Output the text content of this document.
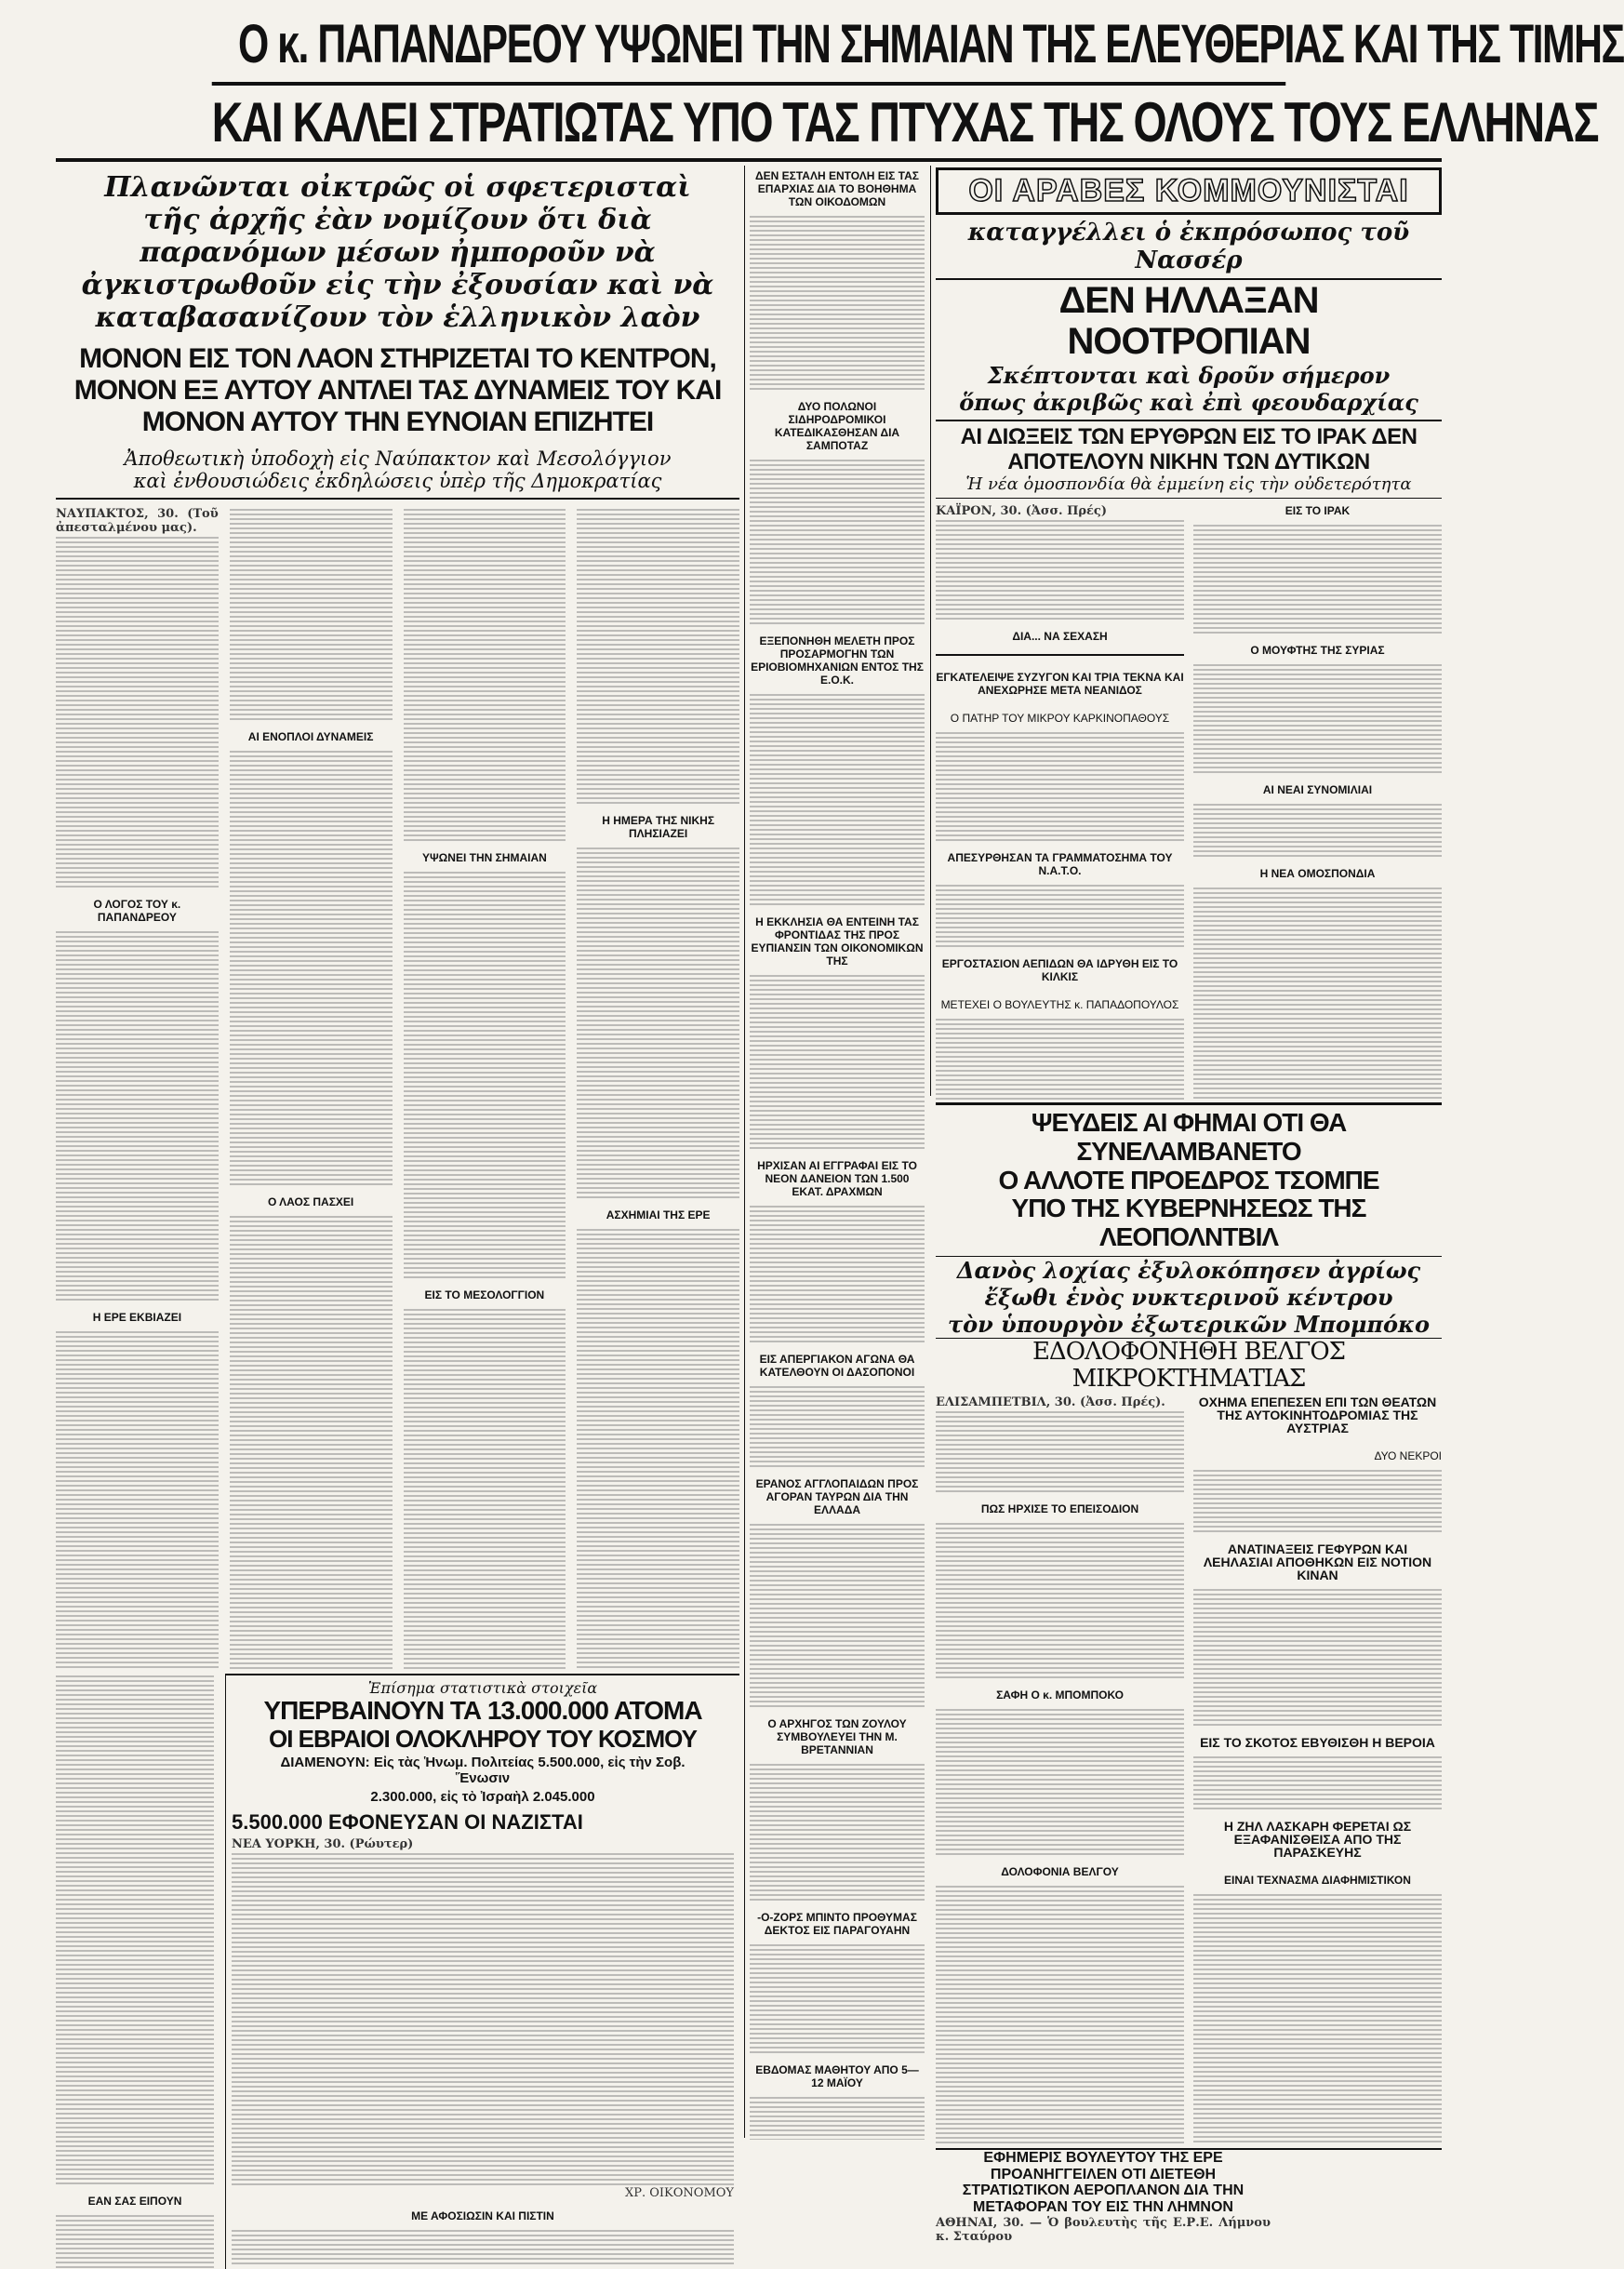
Ο κ. ΠΑΠΑΝΔΡΕΟΥ ΥΨΩΝΕΙ ΤΗΝ ΣΗΜΑΙΑΝ ΤΗΣ ΕΛΕΥΘΕΡΙΑΣ ΚΑΙ ΤΗΣ ΤΙΜΗΣ
ΚΑΙ ΚΑΛΕΙ ΣΤΡΑΤΙΩΤΑΣ ΥΠΟ ΤΑΣ ΠΤΥΧΑΣ ΤΗΣ ΟΛΟΥΣ ΤΟΥΣ ΕΛΛΗΝΑΣ
Πλανῶνται οἰκτρῶς οἱ σφετερισταὶ τῆς ἀρχῆς ἐὰν νομίζουν ὅτι διὰ παρανόμων μέσων ἠμποροῦν νὰ ἀγκιστρωθοῦν εἰς τὴν ἐξουσίαν καὶ νὰ καταβασανίζουν τὸν ἑλληνικὸν λαὸν
ΜΟΝΟΝ ΕΙΣ ΤΟΝ ΛΑΟΝ ΣΤΗΡΙΖΕΤΑΙ ΤΟ ΚΕΝΤΡΟΝ, ΜΟΝΟΝ ΕΞ ΑΥΤΟΥ ΑΝΤΛΕΙ ΤΑΣ ΔΥΝΑΜΕΙΣ ΤΟΥ ΚΑΙ ΜΟΝΟΝ ΑΥΤΟΥ ΤΗΝ ΕΥΝΟΙΑΝ ΕΠΙΖΗΤΕΙ
Ἀποθεωτικὴ ὑποδοχὴ εἰς Ναύπακτον καὶ Μεσολόγγιον
καὶ ἐνθουσιώδεις ἐκδηλώσεις ὑπὲρ τῆς Δημοκρατίας
ΝΑΥΠΑΚΤΟΣ, 30. (Τοῦ ἀπεσταλμένου μας).
Ο ΛΟΓΟΣ ΤΟΥ κ. ΠΑΠΑΝΔΡΕΟΥ
Η ΕΡΕ ΕΚΒΙΑΖΕΙ
ΑΙ ΕΝΟΠΛΟΙ ΔΥΝΑΜΕΙΣ
Ο ΛΑΟΣ ΠΑΣΧΕΙ
ΥΨΩΝΕΙ ΤΗΝ ΣΗΜΑΙΑΝ
ΕΙΣ ΤΟ ΜΕΣΟΛΟΓΓΙΟΝ
Η ΗΜΕΡΑ ΤΗΣ ΝΙΚΗΣ ΠΛΗΣΙΑΖΕΙ
ΑΣΧΗΜΙΑΙ ΤΗΣ ΕΡΕ
ΕΑΝ ΣΑΣ ΕΙΠΟΥΝ
Ἐπίσημα στατιστικὰ στοιχεῖα
ΥΠΕΡΒΑΙΝΟΥΝ ΤΑ 13.000.000 ΑΤΟΜΑ
ΟΙ ΕΒΡΑΙΟΙ ΟΛΟΚΛΗΡΟΥ ΤΟΥ ΚΟΣΜΟΥ
ΔΙΑΜΕΝΟΥΝ: Εἰς τὰς Ἡνωμ. Πολιτείας 5.500.000, εἰς τὴν Σοβ. Ἕνωσιν
2.300.000, εἰς τὸ Ἰσραὴλ 2.045.000
5.500.000 ΕΦΟΝΕΥΣΑΝ ΟΙ ΝΑΖΙΣΤΑΙ
ΝΕΑ ΥΟΡΚΗ, 30. (Ρώυτερ)
ΧΡ. ΟΙΚΟΝΟΜΟΥ
ΜΕ ΑΦΟΣΙΩΣΙΝ ΚΑΙ ΠΙΣΤΙΝ
ΔΕΝ ΕΣΤΑΛΗ ΕΝΤΟΛΗ ΕΙΣ ΤΑΣ ΕΠΑΡΧΙΑΣ ΔΙΑ ΤΟ ΒΟΗΘΗΜΑ ΤΩΝ ΟΙΚΟΔΟΜΩΝ
ΔΥΟ ΠΟΛΩΝΟΙ ΣΙΔΗΡΟΔΡΟΜΙΚΟΙ ΚΑΤΕΔΙΚΑΣΘΗΣΑΝ ΔΙΑ ΣΑΜΠΟΤΑΖ
ΕΞΕΠΟΝΗΘΗ ΜΕΛΕΤΗ ΠΡΟΣ ΠΡΟΣΑΡΜΟΓΗΝ ΤΩΝ ΕΡΙΟΒΙΟΜΗΧΑΝΙΩΝ ΕΝΤΟΣ ΤΗΣ Ε.Ο.Κ.
Η ΕΚΚΛΗΣΙΑ ΘΑ ΕΝΤΕΙΝΗ ΤΑΣ ΦΡΟΝΤΙΔΑΣ ΤΗΣ ΠΡΟΣ ΕΥΠΙΑΝΣΙΝ ΤΩΝ ΟΙΚΟΝΟΜΙΚΩΝ ΤΗΣ
ΗΡΧΙΣΑΝ ΑΙ ΕΓΓΡΑΦΑΙ ΕΙΣ ΤΟ ΝΕΟΝ ΔΑΝΕΙΟΝ ΤΩΝ 1.500 ΕΚΑΤ. ΔΡΑΧΜΩΝ
ΕΙΣ ΑΠΕΡΓΙΑΚΟΝ ΑΓΩΝΑ ΘΑ ΚΑΤΕΛΘΟΥΝ ΟΙ ΔΑΣΟΠΟΝΟΙ
ΕΡΑΝΟΣ ΑΓΓΛΟΠΑΙΔΩΝ ΠΡΟΣ ΑΓΟΡΑΝ ΤΑΥΡΩΝ ΔΙΑ ΤΗΝ ΕΛΛΑΔΑ
Ο ΑΡΧΗΓΟΣ ΤΩΝ ΖΟΥΛΟΥ ΣΥΜΒΟΥΛΕΥΕΙ ΤΗΝ Μ. ΒΡΕΤΑΝΝΙΑΝ
-Ο-ΖΟΡΣ ΜΠΙΝΤΟ ΠΡΟΘΥΜΑΣ ΔΕΚΤΟΣ ΕΙΣ ΠΑΡΑΓΟΥΑΗΝ
ΕΒΔΟΜΑΣ ΜΑΘΗΤΟΥ ΑΠΟ 5—12 ΜΑΪΟΥ
ΟΙ ΑΡΑΒΕΣ ΚΟΜΜΟΥΝΙΣΤΑΙ
καταγγέλλει ὁ ἐκπρόσωπος τοῦ Νασσέρ
ΔΕΝ ΗΛΛΑΞΑΝ ΝΟΟΤΡΟΠΙΑΝ
Σκέπτονται καὶ δροῦν σήμερον
ὅπως ἀκριβῶς καὶ ἐπὶ φεουδαρχίας
ΑΙ ΔΙΩΞΕΙΣ ΤΩΝ ΕΡΥΘΡΩΝ ΕΙΣ ΤΟ ΙΡΑΚ ΔΕΝ ΑΠΟΤΕΛΟΥΝ ΝΙΚΗΝ ΤΩΝ ΔΥΤΙΚΩΝ
Ἡ νέα ὁμοσπονδία θὰ ἐμμείνη εἰς τὴν οὐδετερότητα
ΚΑΪΡΟΝ, 30. (Ἀσσ. Πρές)
ΔΙΑ... ΝΑ ΣΕΧΑΣΗ
ΕΓΚΑΤΕΛΕΙΨΕ ΣΥΖΥΓΟΝ ΚΑΙ ΤΡΙΑ ΤΕΚΝΑ ΚΑΙ ΑΝΕΧΩΡΗΣΕ ΜΕΤΑ ΝΕΑΝΙΔΟΣ
Ο ΠΑΤΗΡ ΤΟΥ ΜΙΚΡΟΥ ΚΑΡΚΙΝΟΠΑΘΟΥΣ
ΑΠΕΣΥΡΘΗΣΑΝ ΤΑ ΓΡΑΜΜΑΤΟΣΗΜΑ ΤΟΥ Ν.Α.Τ.Ο.
ΕΡΓΟΣΤΑΣΙΟΝ ΑΕΠΙΔΩΝ ΘΑ ΙΔΡΥΘΗ ΕΙΣ ΤΟ ΚΙΛΚΙΣ
ΜΕΤΕΧΕΙ Ο ΒΟΥΛΕΥΤΗΣ κ. ΠΑΠΑΔΟΠΟΥΛΟΣ
ΕΙΣ ΤΟ ΙΡΑΚ
Ο ΜΟΥΦΤΗΣ ΤΗΣ ΣΥΡΙΑΣ
ΑΙ ΝΕΑΙ ΣΥΝΟΜΙΛΙΑΙ
Η ΝΕΑ ΟΜΟΣΠΟΝΔΙΑ
ΨΕΥΔΕΙΣ ΑΙ ΦΗΜΑΙ ΟΤΙ ΘΑ ΣΥΝΕΛΑΜΒΑΝΕΤΟ
Ο ΑΛΛΟΤΕ ΠΡΟΕΔΡΟΣ ΤΣΟΜΠΕ
ΥΠΟ ΤΗΣ ΚΥΒΕΡΝΗΣΕΩΣ ΤΗΣ ΛΕΟΠΟΛΝΤΒΙΛ
Δανὸς λοχίας ἐξυλοκόπησεν ἀγρίως
ἔξωθι ἑνὸς νυκτερινοῦ κέντρου
τὸν ὑπουργὸν ἐξωτερικῶν Μπομπόκο
ΕΔΟΛΟΦΟΝΗΘΗ ΒΕΛΓΟΣ ΜΙΚΡΟΚΤΗΜΑΤΙΑΣ
ΕΛΙΣΑΜΠΕΤΒΙΛ, 30. (Ἀσσ. Πρές).
ΠΩΣ ΗΡΧΙΣΕ ΤΟ ΕΠΕΙΣΟΔΙΟΝ
ΣΑΦΗ Ο κ. ΜΠΟΜΠΟΚΟ
ΔΟΛΟΦΟΝΙΑ ΒΕΛΓΟΥ
ΟΧΗΜΑ ΕΠΕΠΕΣΕΝ ΕΠΙ ΤΩΝ ΘΕΑΤΩΝ ΤΗΣ ΑΥΤΟΚΙΝΗΤΟΔΡΟΜΙΑΣ ΤΗΣ ΑΥΣΤΡΙΑΣ
ΔΥΟ ΝΕΚΡΟΙ
ΑΝΑΤΙΝΑΞΕΙΣ ΓΕΦΥΡΩΝ ΚΑΙ ΛΕΗΛΑΣΙΑΙ ΑΠΟΘΗΚΩΝ ΕΙΣ ΝΟΤΙΟΝ ΚΙΝΑΝ
ΕΙΣ ΤΟ ΣΚΟΤΟΣ ΕΒΥΘΙΣΘΗ Η ΒΕΡΟΙΑ
Η ΖΗΛ ΛΑΣΚΑΡΗ ΦΕΡΕΤΑΙ ΩΣ ΕΞΑΦΑΝΙΣΘΕΙΣΑ ΑΠΟ ΤΗΣ ΠΑΡΑΣΚΕΥΗΣ
ΕΙΝΑΙ ΤΕΧΝΑΣΜΑ ΔΙΑΦΗΜΙΣΤΙΚΟΝ
ΕΦΗΜΕΡΙΣ ΒΟΥΛΕΥΤΟΥ ΤΗΣ ΕΡΕ ΠΡΟΑΝΗΓΓΕΙΛΕΝ ΟΤΙ ΔΙΕΤΕΘΗ ΣΤΡΑΤΙΩΤΙΚΟΝ ΑΕΡΟΠΛΑΝΟΝ ΔΙΑ ΤΗΝ ΜΕΤΑΦΟΡΑΝ ΤΟΥ ΕΙΣ ΤΗΝ ΛΗΜΝΟΝ
ΑΘΗΝΑΙ, 30. — Ὁ βουλευτὴς τῆς Ε.Ρ.Ε. Λήμνου κ. Σταύρου
